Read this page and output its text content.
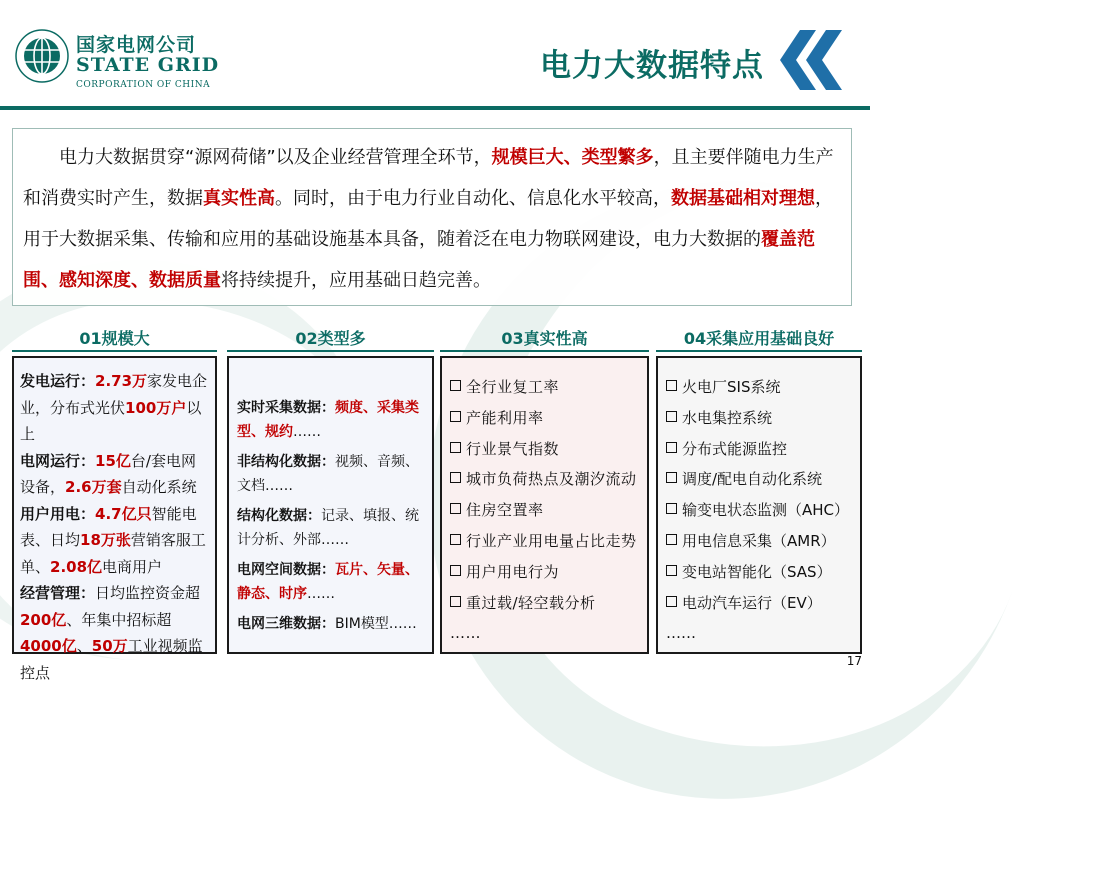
国家电网公司
STATE GRID
CORPORATION OF CHINA
电力大数据特点
  电力大数据贯穿“源网荷储”以及企业经营管理全环节，规模巨大、类型繁多，且主要伴随电力生产和消费实时产生，数据真实性高。同时，由于电力行业自动化、信息化水平较高，数据基础相对理想，用于大数据采集、传输和应用的基础设施基本具备，随着泛在电力物联网建设，电力大数据的覆盖范围、感知深度、数据质量将持续提升，应用基础日趋完善。
01规模大	02类型多	03真实性高	04采集应用基础良好
发电运行：2.73万家发电企业，分布式光伏100万户以上
电网运行：15亿台/套电网设备，2.6万套自动化系统用户用电：4.7亿只智能电表、日均18万张营销客服工单、2.08亿电商用户
经营管理：日均监控资金超200亿、年集中招标超4000亿、50万工业视频监控点
实时采集数据：频度、采集类型、规约……
非结构化数据：视频、音频、文档……
结构化数据：记录、填报、统计分析、外部……
电网空间数据：瓦片、矢量、静态、时序……
电网三维数据：BIM模型……
全行业复工率
产能利用率
行业景气指数
城市负荷热点及潮汐流动
住房空置率
行业产业用电量占比走势
用户用电行为
重过载/轻空载分析
……
火电厂SIS系统
水电集控系统
分布式能源监控
调度/配电自动化系统
输变电状态监测（AHC）
用电信息采集（AMR）
变电站智能化（SAS）
电动汽车运行（EV）
……
17
